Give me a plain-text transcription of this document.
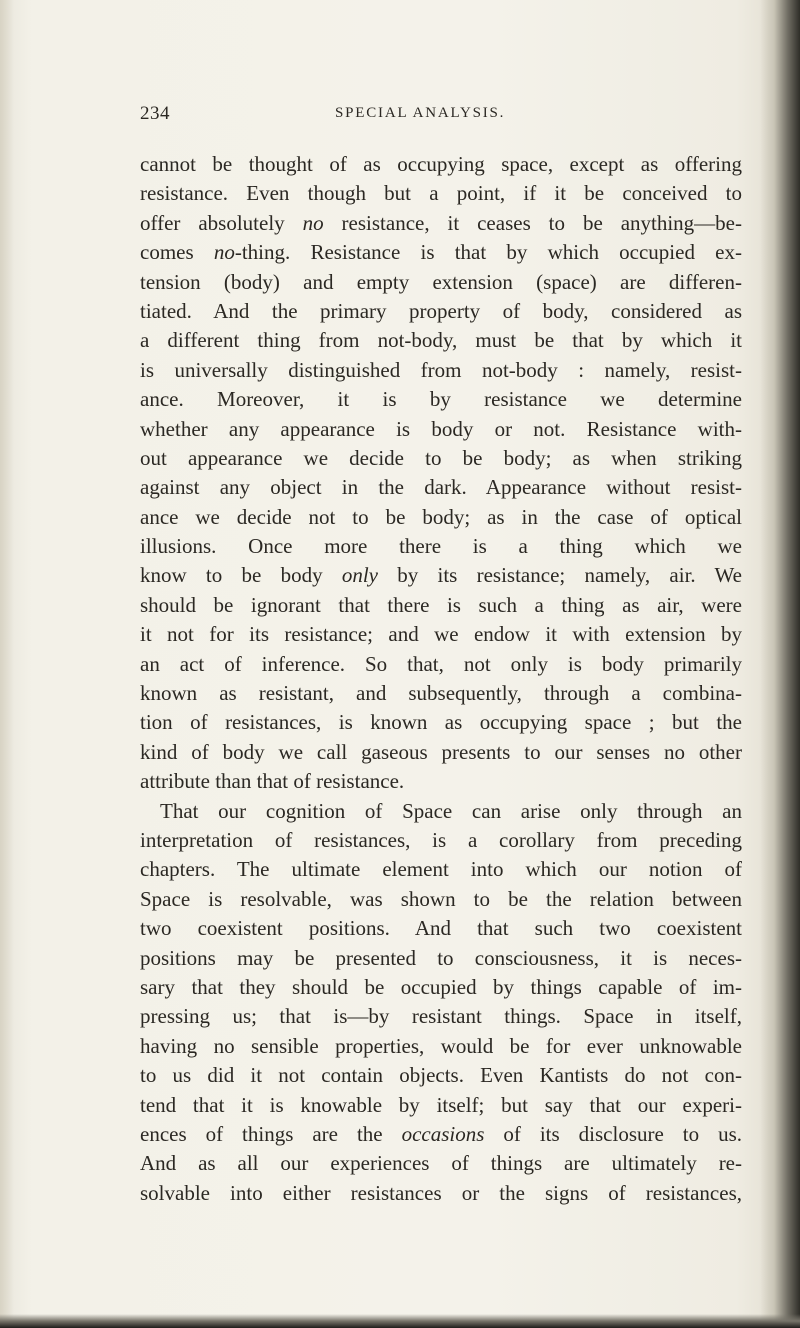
234	SPECIAL ANALYSIS.
cannot be thought of as occupying space, except as offering
resistance. Even though but a point, if it be conceived to
offer absolutely no resistance, it ceases to be anything—be-
comes no-thing. Resistance is that by which occupied ex-
tension (body) and empty extension (space) are differen-
tiated. And the primary property of body, considered as
a different thing from not-body, must be that by which it
is universally distinguished from not-body : namely, resist-
ance. Moreover, it is by resistance we determine
whether any appearance is body or not. Resistance with-
out appearance we decide to be body; as when striking
against any object in the dark. Appearance without resist-
ance we decide not to be body; as in the case of optical
illusions. Once more there is a thing which we
know to be body only by its resistance; namely, air. We
should be ignorant that there is such a thing as air, were
it not for its resistance; and we endow it with extension by
an act of inference. So that, not only is body primarily
known as resistant, and subsequently, through a combina-
tion of resistances, is known as occupying space ; but the
kind of body we call gaseous presents to our senses no other
attribute than that of resistance.
That our cognition of Space can arise only through an
interpretation of resistances, is a corollary from preceding
chapters. The ultimate element into which our notion of
Space is resolvable, was shown to be the relation between
two coexistent positions. And that such two coexistent
positions may be presented to consciousness, it is neces-
sary that they should be occupied by things capable of im-
pressing us; that is—by resistant things. Space in itself,
having no sensible properties, would be for ever unknowable
to us did it not contain objects. Even Kantists do not con-
tend that it is knowable by itself; but say that our experi-
ences of things are the occasions of its disclosure to us.
And as all our experiences of things are ultimately re-
solvable into either resistances or the signs of resistances,
